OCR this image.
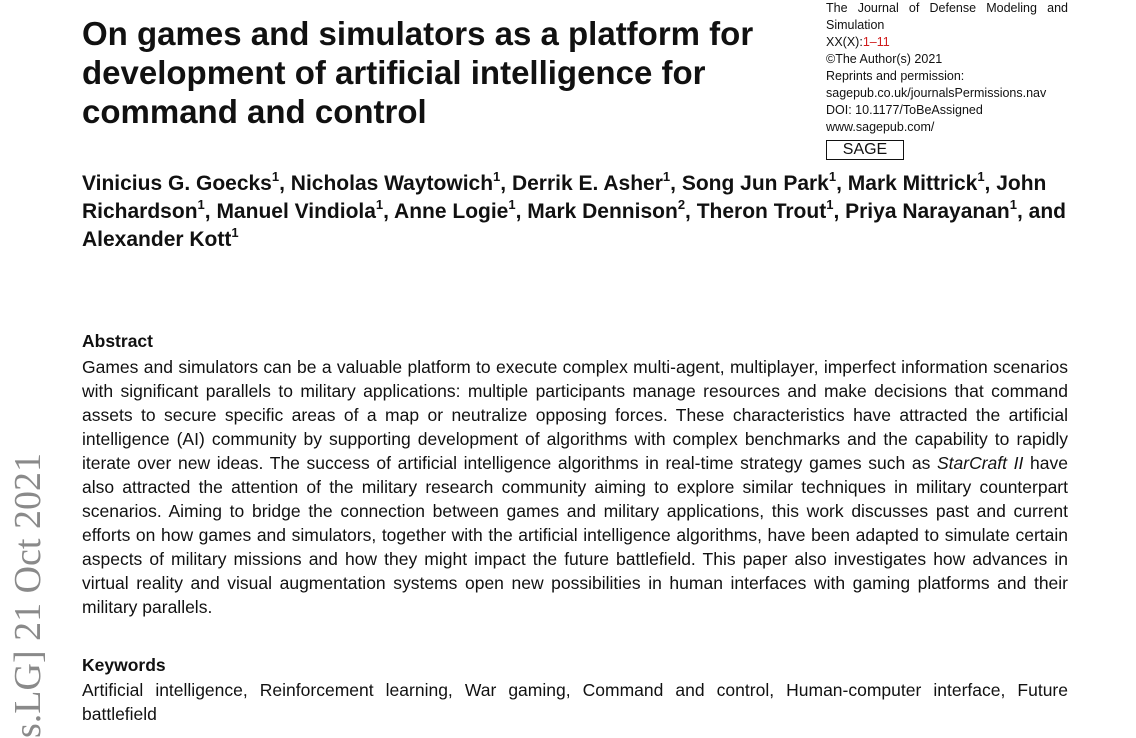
On games and simulators as a platform for development of artificial intelligence for command and control
The Journal of Defense Modeling and
Simulation
XX(X):1–11
©The Author(s) 2021
Reprints and permission:
sagepub.co.uk/journalsPermissions.nav
DOI: 10.1177/ToBeAssigned
www.sagepub.com/
SAGE
Vinicius G. Goecks$^1$, Nicholas Waytowich$^1$, Derrik E. Asher$^1$, Song Jun Park$^1$, Mark Mittrick$^1$, John Richardson$^1$, Manuel Vindiola$^1$, Anne Logie$^1$, Mark Dennison$^2$, Theron Trout$^1$, Priya Narayanan$^1$, and Alexander Kott$^1$
Abstract
Games and simulators can be a valuable platform to execute complex multi-agent, multiplayer, imperfect information scenarios with significant parallels to military applications: multiple participants manage resources and make decisions that command assets to secure specific areas of a map or neutralize opposing forces. These characteristics have attracted the artificial intelligence (AI) community by supporting development of algorithms with complex benchmarks and the capability to rapidly iterate over new ideas. The success of artificial intelligence algorithms in real-time strategy games such as StarCraft II have also attracted the attention of the military research community aiming to explore similar techniques in military counterpart scenarios. Aiming to bridge the connection between games and military applications, this work discusses past and current efforts on how games and simulators, together with the artificial intelligence algorithms, have been adapted to simulate certain aspects of military missions and how they might impact the future battlefield. This paper also investigates how advances in virtual reality and visual augmentation systems open new possibilities in human interfaces with gaming platforms and their military parallels.
Keywords
Artificial intelligence, Reinforcement learning, War gaming, Command and control, Human-computer interface, Future battlefield
s.LG] 21 Oct 2021
